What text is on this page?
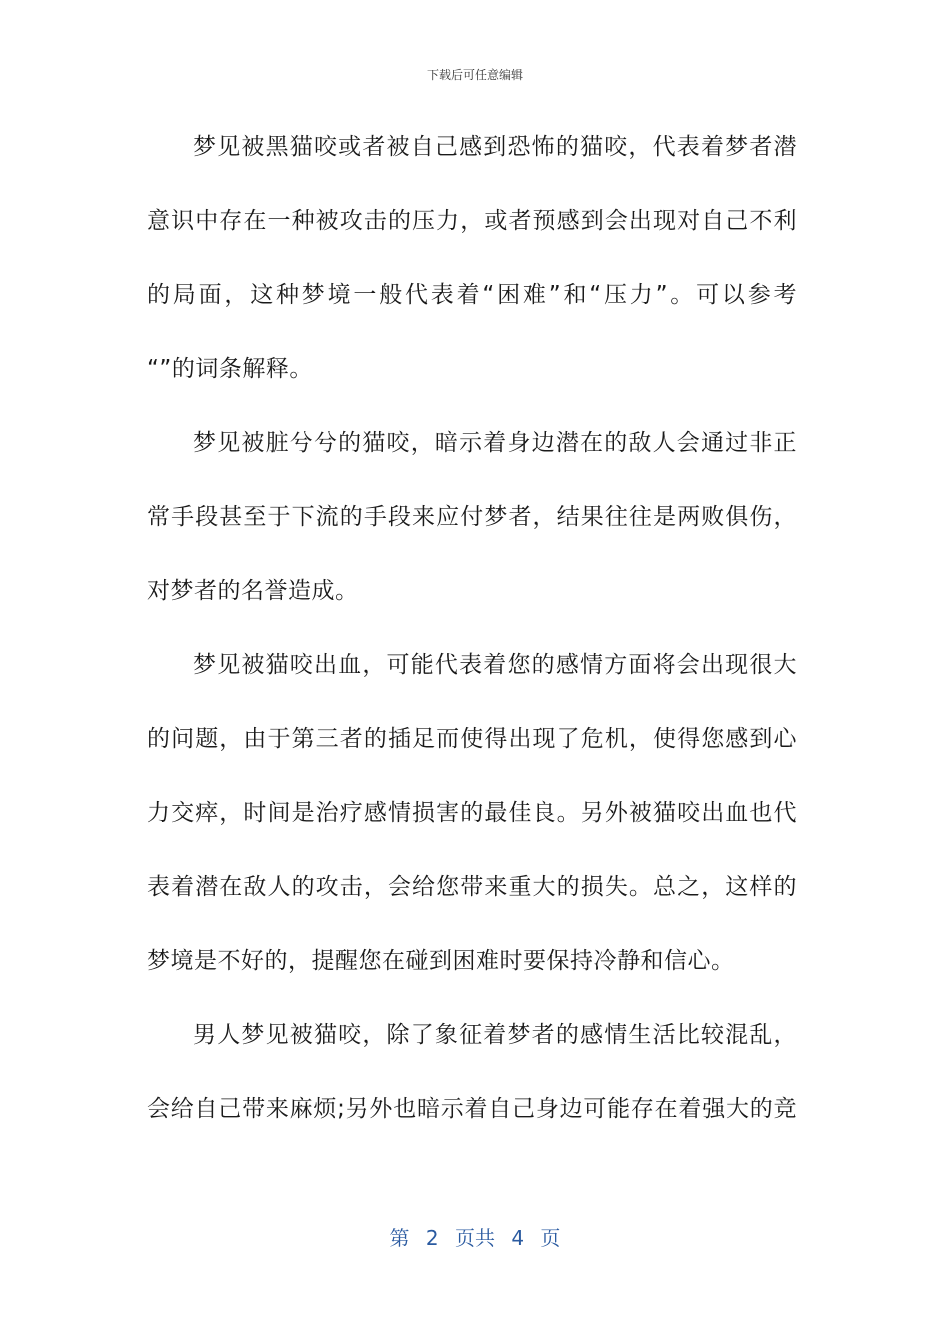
下载后可任意编辑
梦见被黑猫咬或者被自己感到恐怖的猫咬，代表着梦者潜
意识中存在一种被攻击的压力，或者预感到会出现对自己不利
的局面，这种梦境一般代表着“困难”和“压力”。可以参考
“”的词条解释。
梦见被脏兮兮的猫咬，暗示着身边潜在的敌人会通过非正
常手段甚至于下流的手段来应付梦者，结果往往是两败俱伤，
对梦者的名誉造成。
梦见被猫咬出血，可能代表着您的感情方面将会出现很大
的问题，由于第三者的插足而使得出现了危机，使得您感到心
力交瘁，时间是治疗感情损害的最佳良。另外被猫咬出血也代
表着潜在敌人的攻击，会给您带来重大的损失。总之，这样的
梦境是不好的，提醒您在碰到困难时要保持冷静和信心。
男人梦见被猫咬，除了象征着梦者的感情生活比较混乱，
会给自己带来麻烦;另外也暗示着自己身边可能存在着强大的竞
第 2 页共 4 页
